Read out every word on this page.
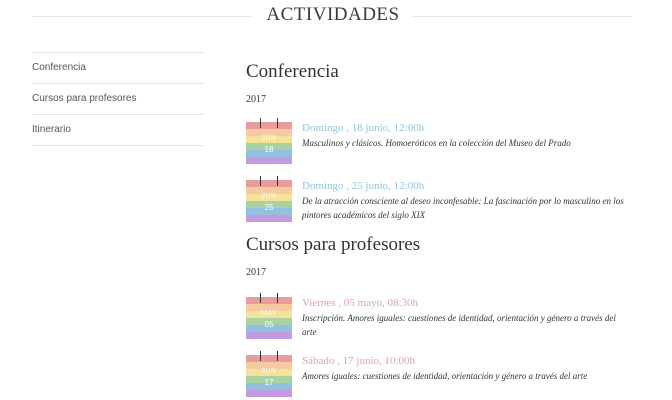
ACTIVIDADES
Conferencia
Cursos para profesores
Itinerario
Conferencia
2017
JUN
18
Domingo , 18 junio, 12:00h
Masculinos y clásicos. Homoeróticos en la colección del Museo del Prado
JUN
25
Domingo , 25 junio, 12:00h
De la atracción consciente al deseo inconfesable: La fascinación por lo masculino en los pintores académicos del siglo XIX
Cursos para profesores
2017
MAY
05
Viernes , 05 mayo, 08:30h
Inscripción. Amores iguales: cuestiones de identidad, orientación y género a través del arte
JUN
17
Sábado , 17 junio, 10:00h
Amores iguales: cuestiones de identidad, orientación y género a través del arte
